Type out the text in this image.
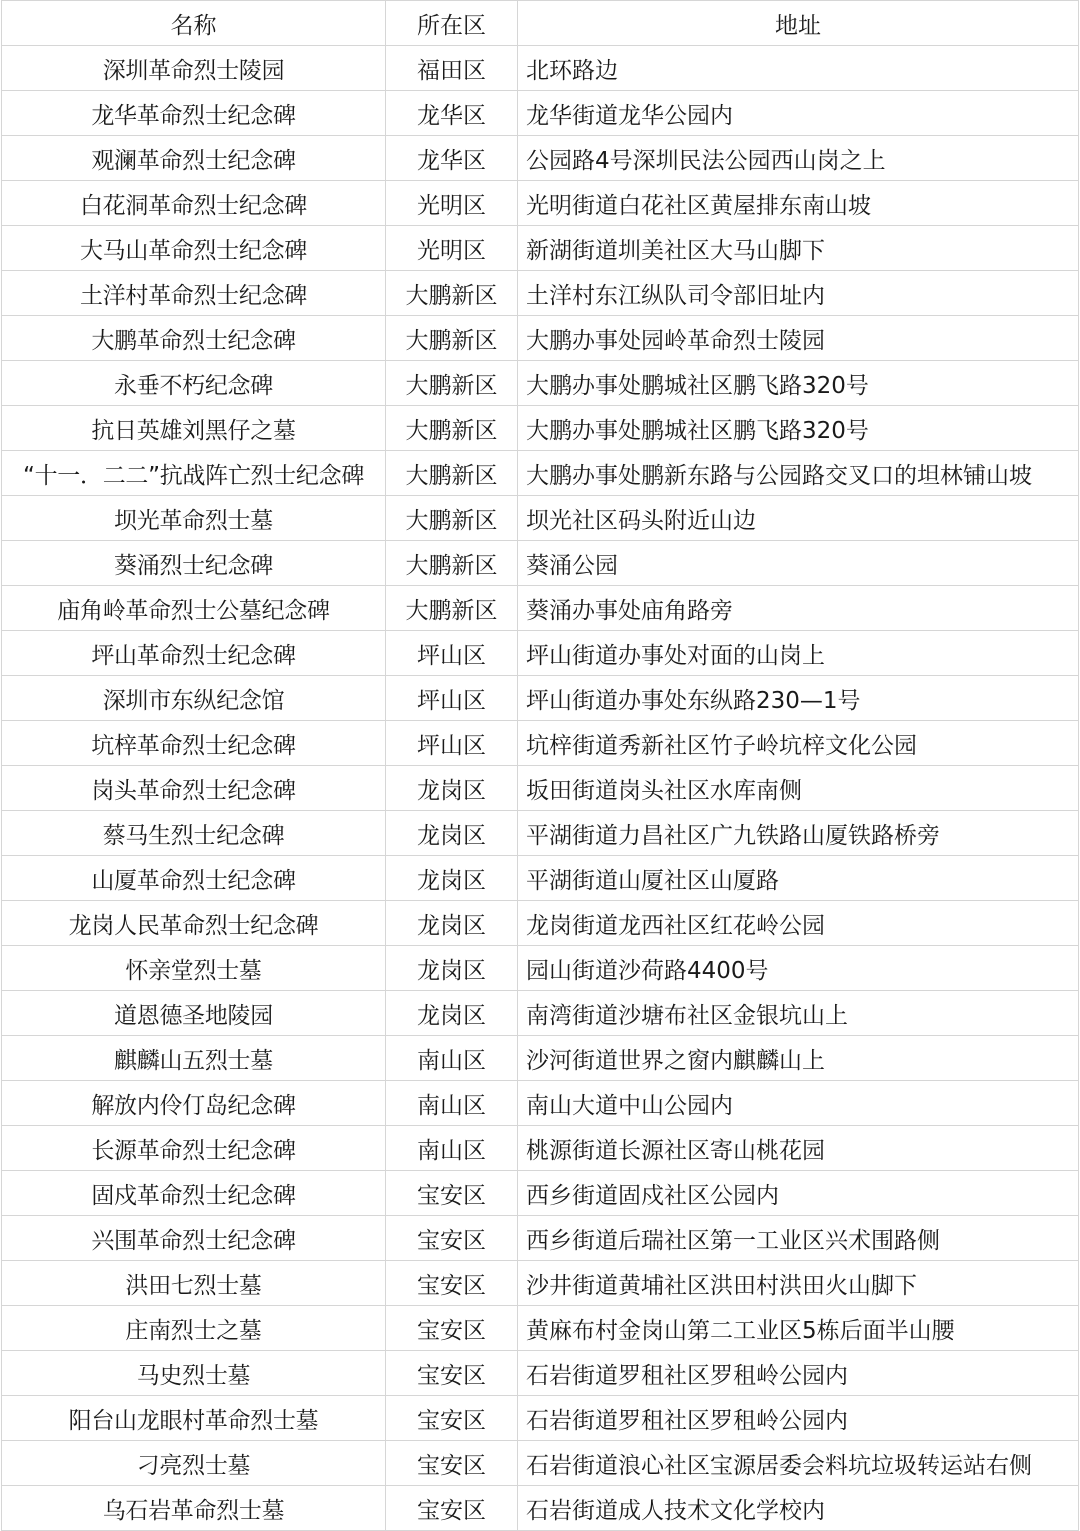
名称	所在区	地址
深圳革命烈士陵园	福田区	北环路边
龙华革命烈士纪念碑	龙华区	龙华街道龙华公园内
观澜革命烈士纪念碑	龙华区	公园路4号深圳民法公园西山岗之上
白花洞革命烈士纪念碑	光明区	光明街道白花社区黄屋排东南山坡
大马山革命烈士纪念碑	光明区	新湖街道圳美社区大马山脚下
土洋村革命烈士纪念碑	大鹏新区	土洋村东江纵队司令部旧址内
大鹏革命烈士纪念碑	大鹏新区	大鹏办事处园岭革命烈士陵园
永垂不朽纪念碑	大鹏新区	大鹏办事处鹏城社区鹏飞路320号
抗日英雄刘黑仔之墓	大鹏新区	大鹏办事处鹏城社区鹏飞路320号
“十一．二二”抗战阵亡烈士纪念碑	大鹏新区	大鹏办事处鹏新东路与公园路交叉口的坦林铺山坡
坝光革命烈士墓	大鹏新区	坝光社区码头附近山边
葵涌烈士纪念碑	大鹏新区	葵涌公园
庙角岭革命烈士公墓纪念碑	大鹏新区	葵涌办事处庙角路旁
坪山革命烈士纪念碑	坪山区	坪山街道办事处对面的山岗上
深圳市东纵纪念馆	坪山区	坪山街道办事处东纵路230—1号
坑梓革命烈士纪念碑	坪山区	坑梓街道秀新社区竹子岭坑梓文化公园
岗头革命烈士纪念碑	龙岗区	坂田街道岗头社区水库南侧
蔡马生烈士纪念碑	龙岗区	平湖街道力昌社区广九铁路山厦铁路桥旁
山厦革命烈士纪念碑	龙岗区	平湖街道山厦社区山厦路
龙岗人民革命烈士纪念碑	龙岗区	龙岗街道龙西社区红花岭公园
怀亲堂烈士墓	龙岗区	园山街道沙荷路4400号
道恩德圣地陵园	龙岗区	南湾街道沙塘布社区金银坑山上
麒麟山五烈士墓	南山区	沙河街道世界之窗内麒麟山上
解放内伶仃岛纪念碑	南山区	南山大道中山公园内
长源革命烈士纪念碑	南山区	桃源街道长源社区寄山桃花园
固戍革命烈士纪念碑	宝安区	西乡街道固戍社区公园内
兴围革命烈士纪念碑	宝安区	西乡街道后瑞社区第一工业区兴术围路侧
洪田七烈士墓	宝安区	沙井街道黄埔社区洪田村洪田火山脚下
庄南烈士之墓	宝安区	黄麻布村金岗山第二工业区5栋后面半山腰
马史烈士墓	宝安区	石岩街道罗租社区罗租岭公园内
阳台山龙眼村革命烈士墓	宝安区	石岩街道罗租社区罗租岭公园内
刁亮烈士墓	宝安区	石岩街道浪心社区宝源居委会料坑垃圾转运站右侧
乌石岩革命烈士墓	宝安区	石岩街道成人技术文化学校内
